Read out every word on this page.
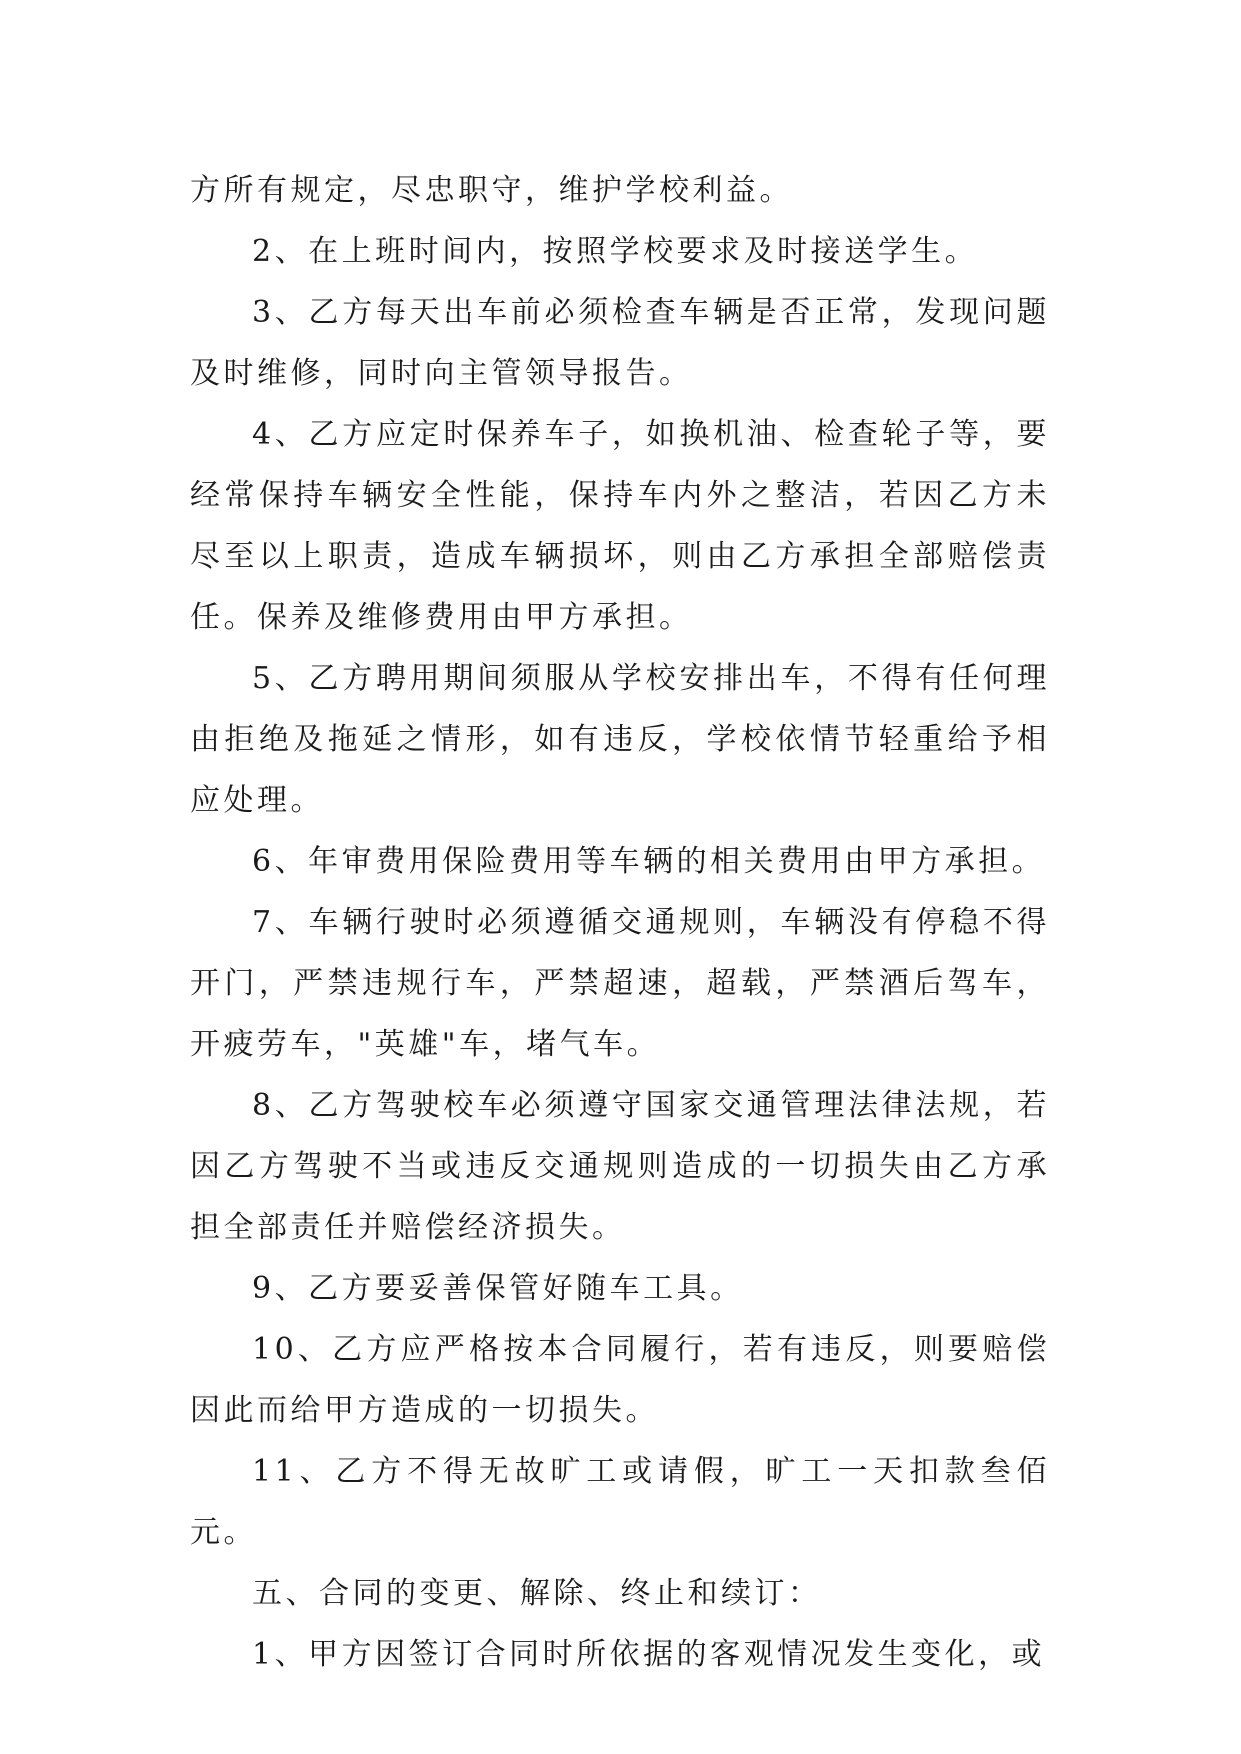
方所有规定，尽忠职守，维护学校利益。

2、在上班时间内，按照学校要求及时接送学生。

3、乙方每天出车前必须检查车辆是否正常，发现问题及时维修，同时向主管领导报告。

4、乙方应定时保养车子，如换机油、检查轮子等，要经常保持车辆安全性能，保持车内外之整洁，若因乙方未尽至以上职责，造成车辆损坏，则由乙方承担全部赔偿责任。保养及维修费用由甲方承担。

5、乙方聘用期间须服从学校安排出车，不得有任何理由拒绝及拖延之情形，如有违反，学校依情节轻重给予相应处理。

6、年审费用保险费用等车辆的相关费用由甲方承担。

7、车辆行驶时必须遵循交通规则，车辆没有停稳不得开门，严禁违规行车，严禁超速，超载，严禁酒后驾车，开疲劳车，"英雄"车，堵气车。

8、乙方驾驶校车必须遵守国家交通管理法律法规，若因乙方驾驶不当或违反交通规则造成的一切损失由乙方承担全部责任并赔偿经济损失。

9、乙方要妥善保管好随车工具。

10、乙方应严格按本合同履行，若有违反，则要赔偿因此而给甲方造成的一切损失。

11、乙方不得无故旷工或请假，旷工一天扣款叁佰元。

五、合同的变更、解除、终止和续订：

1、甲方因签订合同时所依据的客观情况发生变化，或
